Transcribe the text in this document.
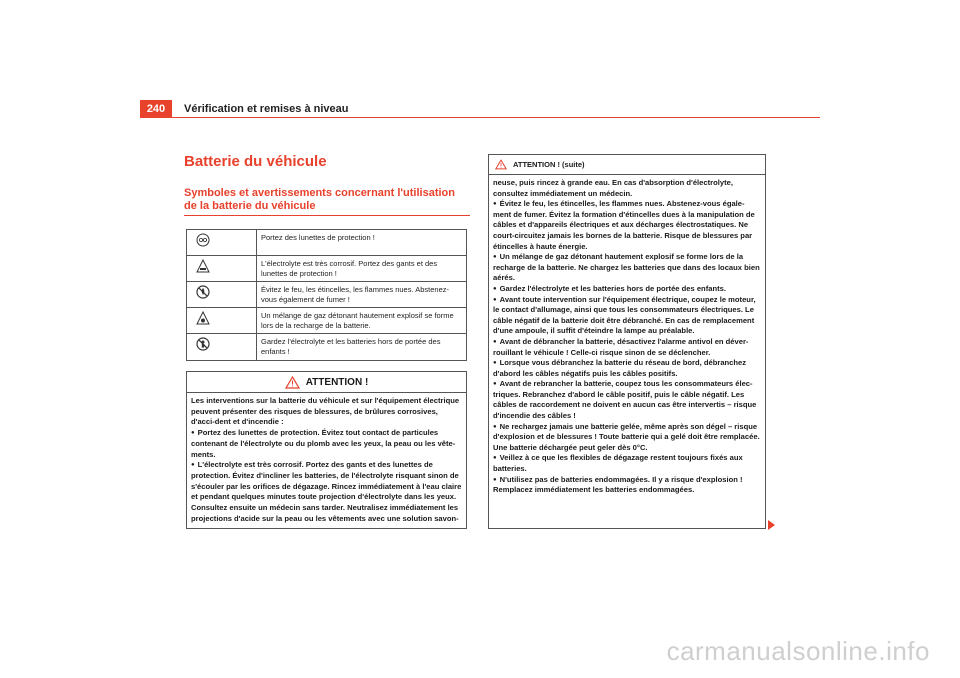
240	Vérification et remises à niveau
Batterie du véhicule
Symboles et avertissements concernant l'utilisation de la batterie du véhicule
Portez des lunettes de protection !
L'électrolyte est très corrosif. Portez des gants et des lunettes de protection !
Évitez le feu, les étincelles, les flammes nues. Abstenez-vous également de fumer !
Un mélange de gaz détonant hautement explosif se forme lors de la recharge de la batterie.
Gardez l'électrolyte et les batteries hors de portée des enfants !
ATTENTION !

Les interventions sur la batterie du véhicule et sur l'équipement électrique peuvent présenter des risques de blessures, de brûlures corrosives, d'acci-dent et d'incendie :

● Portez des lunettes de protection. Évitez tout contact de particules contenant de l'électrolyte ou du plomb avec les yeux, la peau ou les vête-ments.

● L'électrolyte est très corrosif. Portez des gants et des lunettes de protection. Évitez d'incliner les batteries, de l'électrolyte risquant sinon de s'écouler par les orifices de dégazage. Rincez immédiatement à l'eau claire et pendant quelques minutes toute projection d'électrolyte dans les yeux. Consultez ensuite un médecin sans tarder. Neutralisez immédiatement les projections d'acide sur la peau ou les vêtements avec une solution savon-

ATTENTION ! (suite)

neuse, puis rincez à grande eau. En cas d'absorption d'électrolyte, consultez immédiatement un médecin.

● Évitez le feu, les étincelles, les flammes nues. Abstenez-vous égale-ment de fumer. Évitez la formation d'étincelles dues à la manipulation de câbles et d'appareils électriques et aux décharges électrostatiques. Ne court-circuitez jamais les bornes de la batterie. Risque de blessures par étincelles à haute énergie.

● Un mélange de gaz détonant hautement explosif se forme lors de la recharge de la batterie. Ne chargez les batteries que dans des locaux bien aérés.

● Gardez l'électrolyte et les batteries hors de portée des enfants.

● Avant toute intervention sur l'équipement électrique, coupez le moteur, le contact d'allumage, ainsi que tous les consommateurs électriques. Le câble négatif de la batterie doit être débranché. En cas de remplacement d'une ampoule, il suffit d'éteindre la lampe au préalable.

● Avant de débrancher la batterie, désactivez l'alarme antivol en déver-rouillant le véhicule ! Celle-ci risque sinon de se déclencher.

● Lorsque vous débranchez la batterie du réseau de bord, débranchez d'abord les câbles négatifs puis les câbles positifs.

● Avant de rebrancher la batterie, coupez tous les consommateurs élec-triques. Rebranchez d'abord le câble positif, puis le câble négatif. Les câbles de raccordement ne doivent en aucun cas être intervertis – risque d'incendie des câbles !

● Ne rechargez jamais une batterie gelée, même après son dégel – risque d'explosion et de blessures ! Toute batterie qui a gelé doit être remplacée. Une batterie déchargée peut geler dès 0°C.

● Veillez à ce que les flexibles de dégazage restent toujours fixés aux batteries.

● N'utilisez pas de batteries endommagées. Il y a risque d'explosion ! Remplacez immédiatement les batteries endommagées.

carmanualsonline.info
